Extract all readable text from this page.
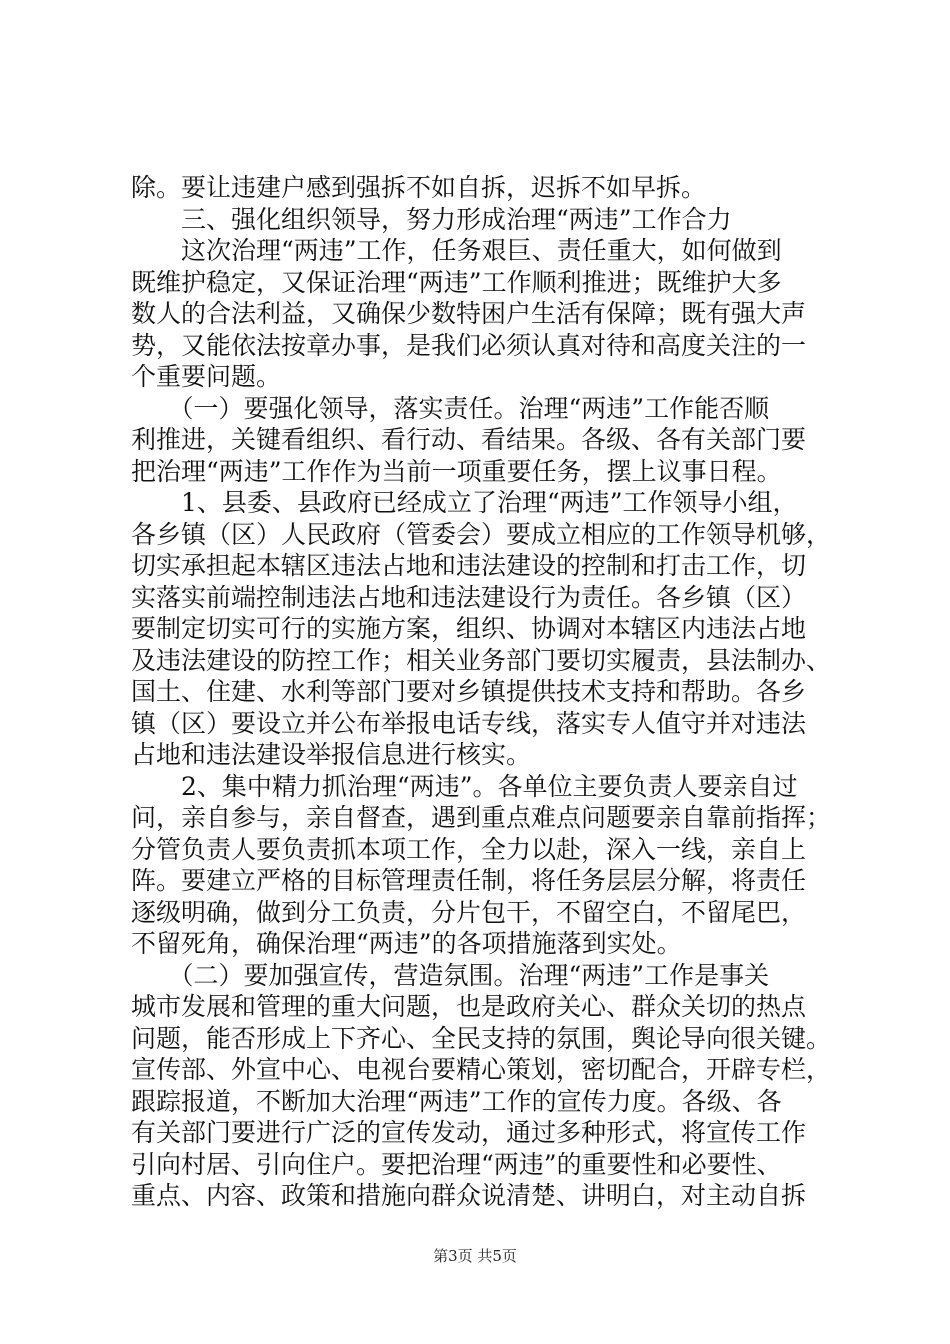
除。要让违建户感到强拆不如自拆，迟拆不如早拆。
　　三、强化组织领导，努力形成治理“两违”工作合力
　　这次治理“两违”工作，任务艰巨、责任重大，如何做到
既维护稳定，又保证治理“两违”工作顺利推进；既维护大多
数人的合法利益，又确保少数特困户生活有保障；既有强大声
势，又能依法按章办事，是我们必须认真对待和高度关注的一
个重要问题。
　　（一）要强化领导，落实责任。治理“两违”工作能否顺
利推进，关键看组织、看行动、看结果。各级、各有关部门要
把治理“两违”工作作为当前一项重要任务，摆上议事日程。
　　1、县委、县政府已经成立了治理“两违”工作领导小组，
各乡镇（区）人民政府（管委会）要成立相应的工作领导机够，
切实承担起本辖区违法占地和违法建设的控制和打击工作，切
实落实前端控制违法占地和违法建设行为责任。各乡镇（区）
要制定切实可行的实施方案，组织、协调对本辖区内违法占地
及违法建设的防控工作；相关业务部门要切实履责，县法制办、
国土、住建、水利等部门要对乡镇提供技术支持和帮助。各乡
镇（区）要设立并公布举报电话专线，落实专人值守并对违法
占地和违法建设举报信息进行核实。
　　2、集中精力抓治理“两违”。各单位主要负责人要亲自过
问，亲自参与，亲自督查，遇到重点难点问题要亲自靠前指挥；
分管负责人要负责抓本项工作，全力以赴，深入一线，亲自上
阵。要建立严格的目标管理责任制，将任务层层分解，将责任
逐级明确，做到分工负责，分片包干，不留空白，不留尾巴，
不留死角，确保治理“两违”的各项措施落到实处。
　　（二）要加强宣传，营造氛围。治理“两违”工作是事关
城市发展和管理的重大问题，也是政府关心、群众关切的热点
问题，能否形成上下齐心、全民支持的氛围，舆论导向很关键。
宣传部、外宣中心、电视台要精心策划，密切配合，开辟专栏，
跟踪报道，不断加大治理“两违”工作的宣传力度。各级、各
有关部门要进行广泛的宣传发动，通过多种形式，将宣传工作
第3页 共5页
引向村居、引向住户。要把治理“两违”的重要性和必要性、
重点、内容、政策和措施向群众说清楚、讲明白，对主动自拆
